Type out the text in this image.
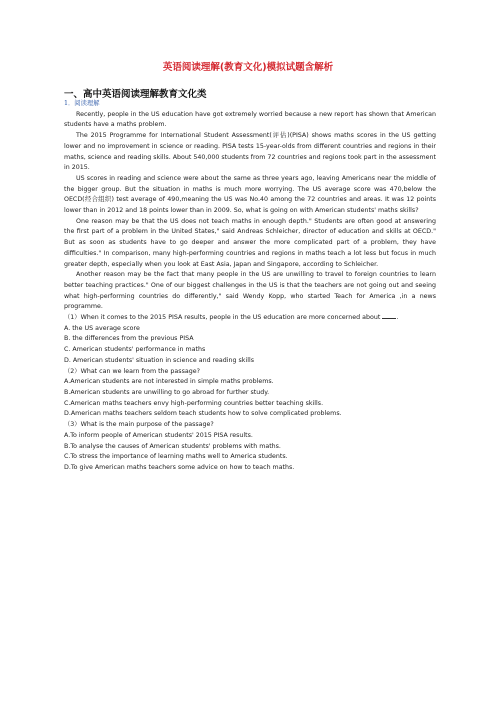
英语阅读理解(教育文化)模拟试题含解析
一、高中英语阅读理解教育文化类

1．阅读理解

Recently, people in the US education have got extremely worried because a new report has shown that American students have a maths problem.

The 2015 Programme for International Student Assessment(评估)(PISA) shows maths scores in the US getting lower and no improvement in science or reading. PISA tests 15-year-olds from different countries and regions in their maths, science and reading skills. About 540,000 students from 72 countries and regions took part in the assessment in 2015.

US scores in reading and science were about the same as three years ago, leaving Americans near the middle of the bigger group. But the situation in maths is much more worrying. The US average score was 470,below the OECD(经合组织) test average of 490,meaning the US was No.40 among the 72 countries and areas. It was 12 points lower than in 2012 and 18 points lower than in 2009. So, what is going on with American students' maths skills?

One reason may be that the US does not teach maths in enough depth." Students are often good at answering the first part of a problem in the United States," said Andreas Schleicher, director of education and skills at OECD." But as soon as students have to go deeper and answer the more complicated part of a problem, they have difficulties." In comparison, many high-performing countries and regions in maths teach a lot less but focus in much greater depth, especially when you look at East Asia, Japan and Singapore, according to Schleicher.

Another reason may be the fact that many people in the US are unwilling to travel to foreign countries to learn better teaching practices." One of our biggest challenges in the US is that the teachers are not going out and seeing what high-performing countries do differently," said Wendy Kopp, who started Teach for America ,in a news programme.

（1）When it comes to the 2015 PISA results, people in the US education are more concerned about	.

A. the US average score

B. the differences from the previous PISA

C. American students' performance in maths

D. American students' situation in science and reading skills

（2）What can we learn from the passage?

A.American students are not interested in simple maths problems.

B.American students are unwilling to go abroad for further study.

C.American maths teachers envy high-performing countries better teaching skills.

D.American maths teachers seldom teach students how to solve complicated problems.

（3）What is the main purpose of the passage?

A.To inform people of American students' 2015 PISA results.

B.To analyse the causes of American students' problems with maths.

C.To stress the importance of learning maths well to America students.

D.To give American maths teachers some advice on how to teach maths.
